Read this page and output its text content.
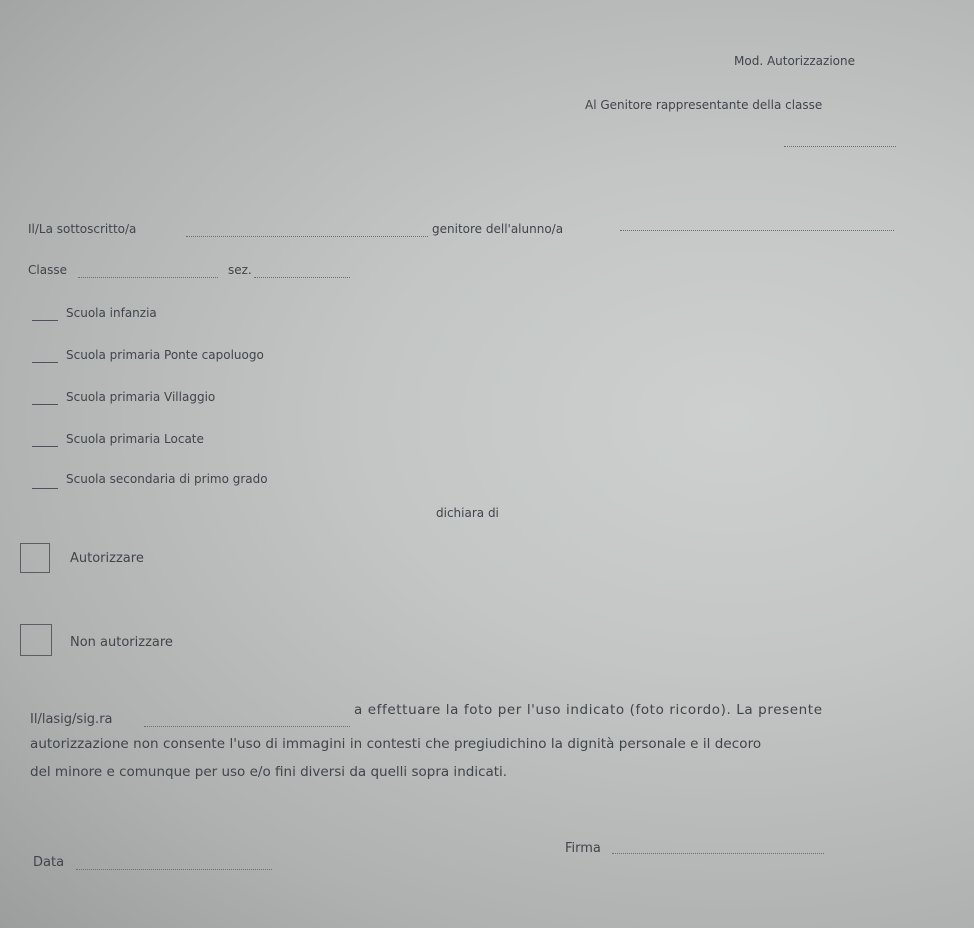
Mod. Autorizzazione
Al Genitore rappresentante della classe
Il/La sottoscritto/a	genitore dell'alunno/a
Classe	sez.
Scuola infanzia
Scuola primaria Ponte capoluogo
Scuola primaria Villaggio
Scuola primaria Locate
Scuola secondaria di primo grado
dichiara di
Autorizzare
Non autorizzare
Il/lasig/sig.ra
a effettuare la foto per l'uso indicato (foto ricordo). La presente
autorizzazione non consente l'uso di immagini in contesti che pregiudichino la dignità personale e il decoro
del minore e comunque per uso e/o fini diversi da quelli sopra indicati.
Data
Firma
